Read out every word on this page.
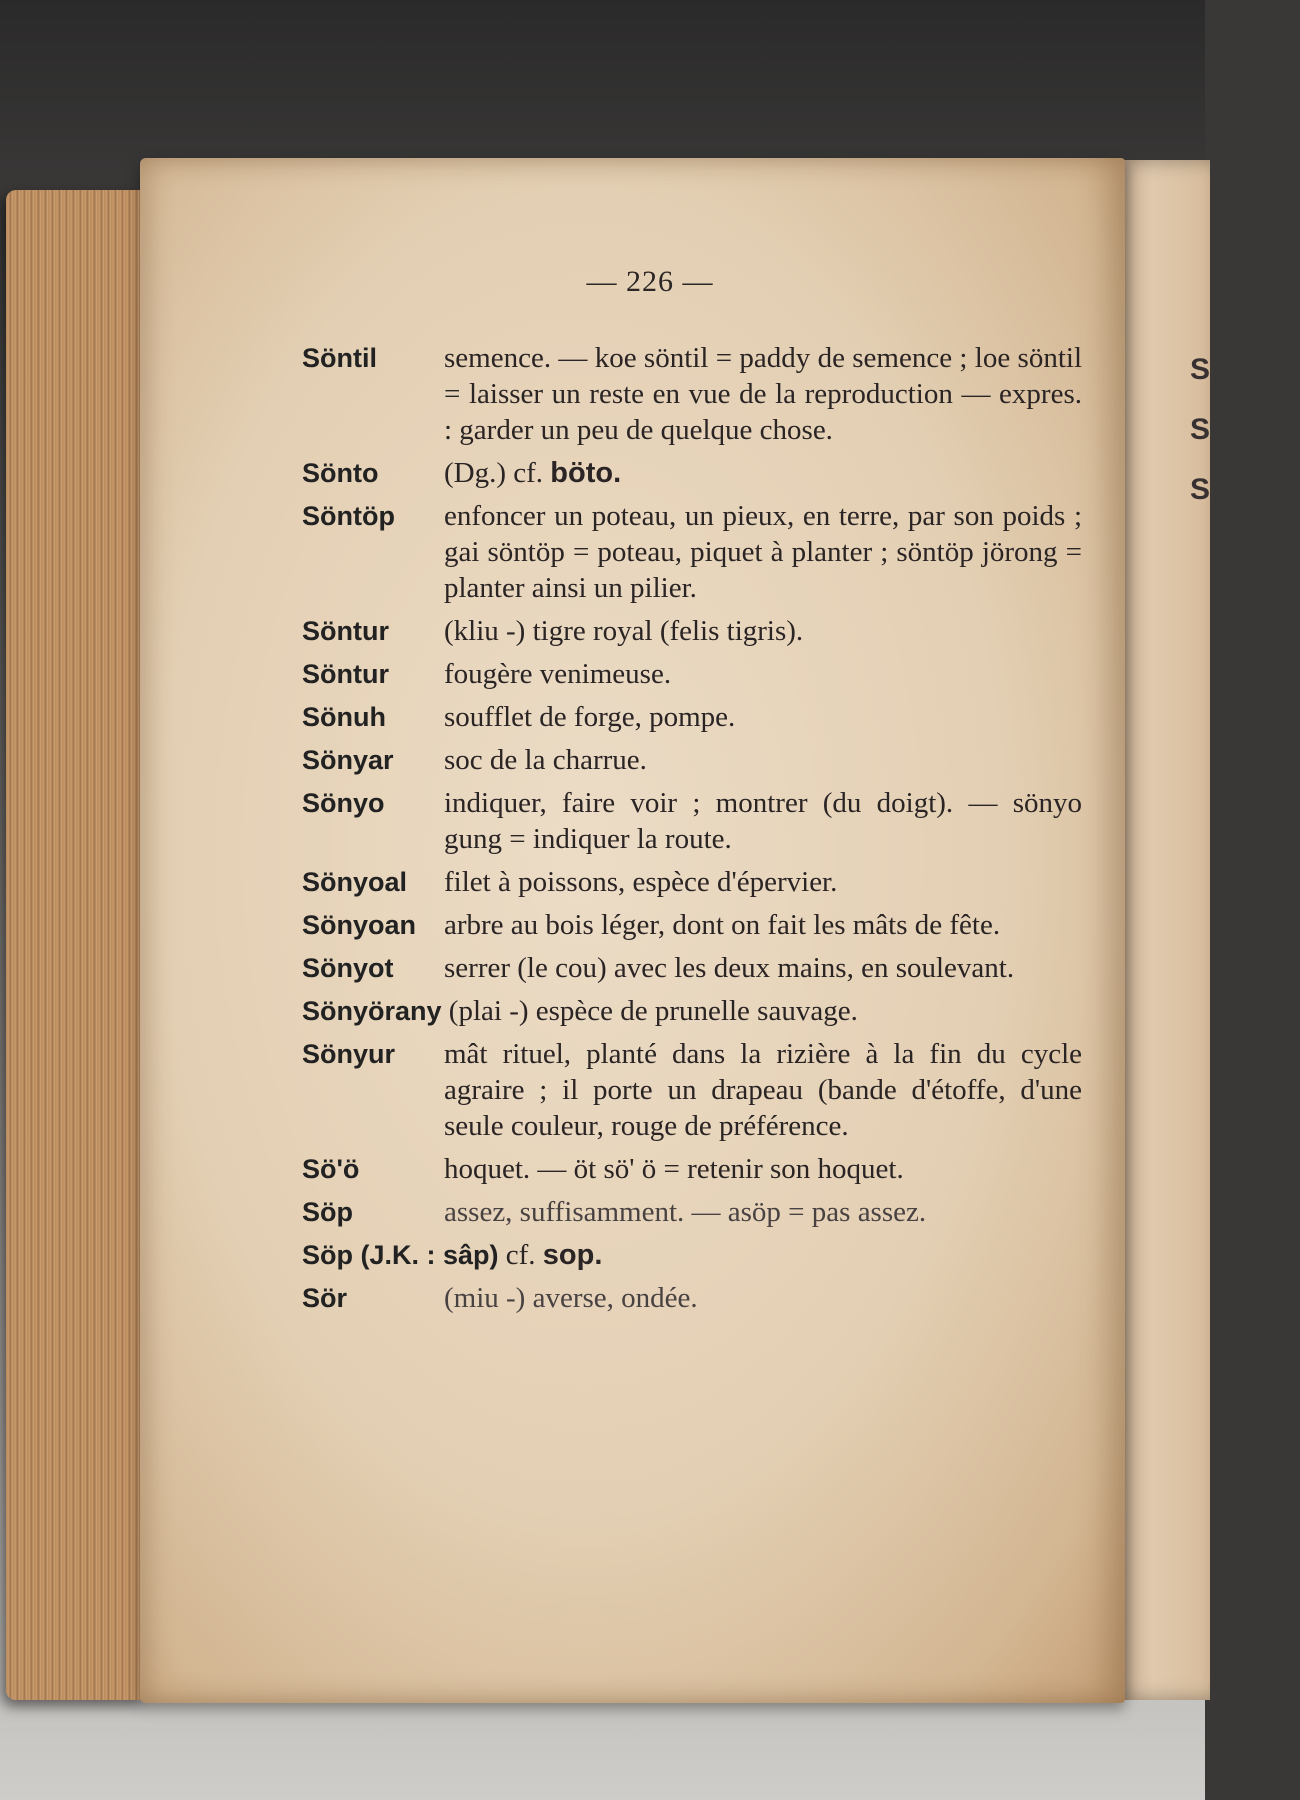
S
S
S
— 226 —
Söntil	semence. — koe söntil = paddy de semence ; loe söntil = laisser un reste en vue de la reproduction — expres. : garder un peu de quelque chose.
Sönto	(Dg.) cf. böto.
Söntöp	enfoncer un poteau, un pieux, en terre, par son poids ; gai söntöp = poteau, piquet à planter ; söntöp jörong = planter ainsi un pilier.
Söntur	(kliu -) tigre royal (felis tigris).
Söntur	fougère venimeuse.
Sönuh	soufflet de forge, pompe.
Sönyar	soc de la charrue.
Sönyo	indiquer, faire voir ; montrer (du doigt). — sönyo gung = indiquer la route.
Sönyoal	filet à poissons, espèce d'épervier.
Sönyoan arbre au bois léger, dont on fait les mâts de fête.
Sönyot	serrer (le cou) avec les deux mains, en soulevant.
Sönyörany (plai -) espèce de prunelle sauvage.
Sönyur	mât rituel, planté dans la rizière à la fin du cycle agraire ; il porte un drapeau (bande d'étoffe, d'une seule couleur, rouge de préférence.
Sö'ö	hoquet. — öt sö' ö = retenir son hoquet.
Söp	assez, suffisamment. — asöp = pas assez.
Söp (J.K. : sâp) cf. sop.
Sör	(miu -) averse, ondée.
